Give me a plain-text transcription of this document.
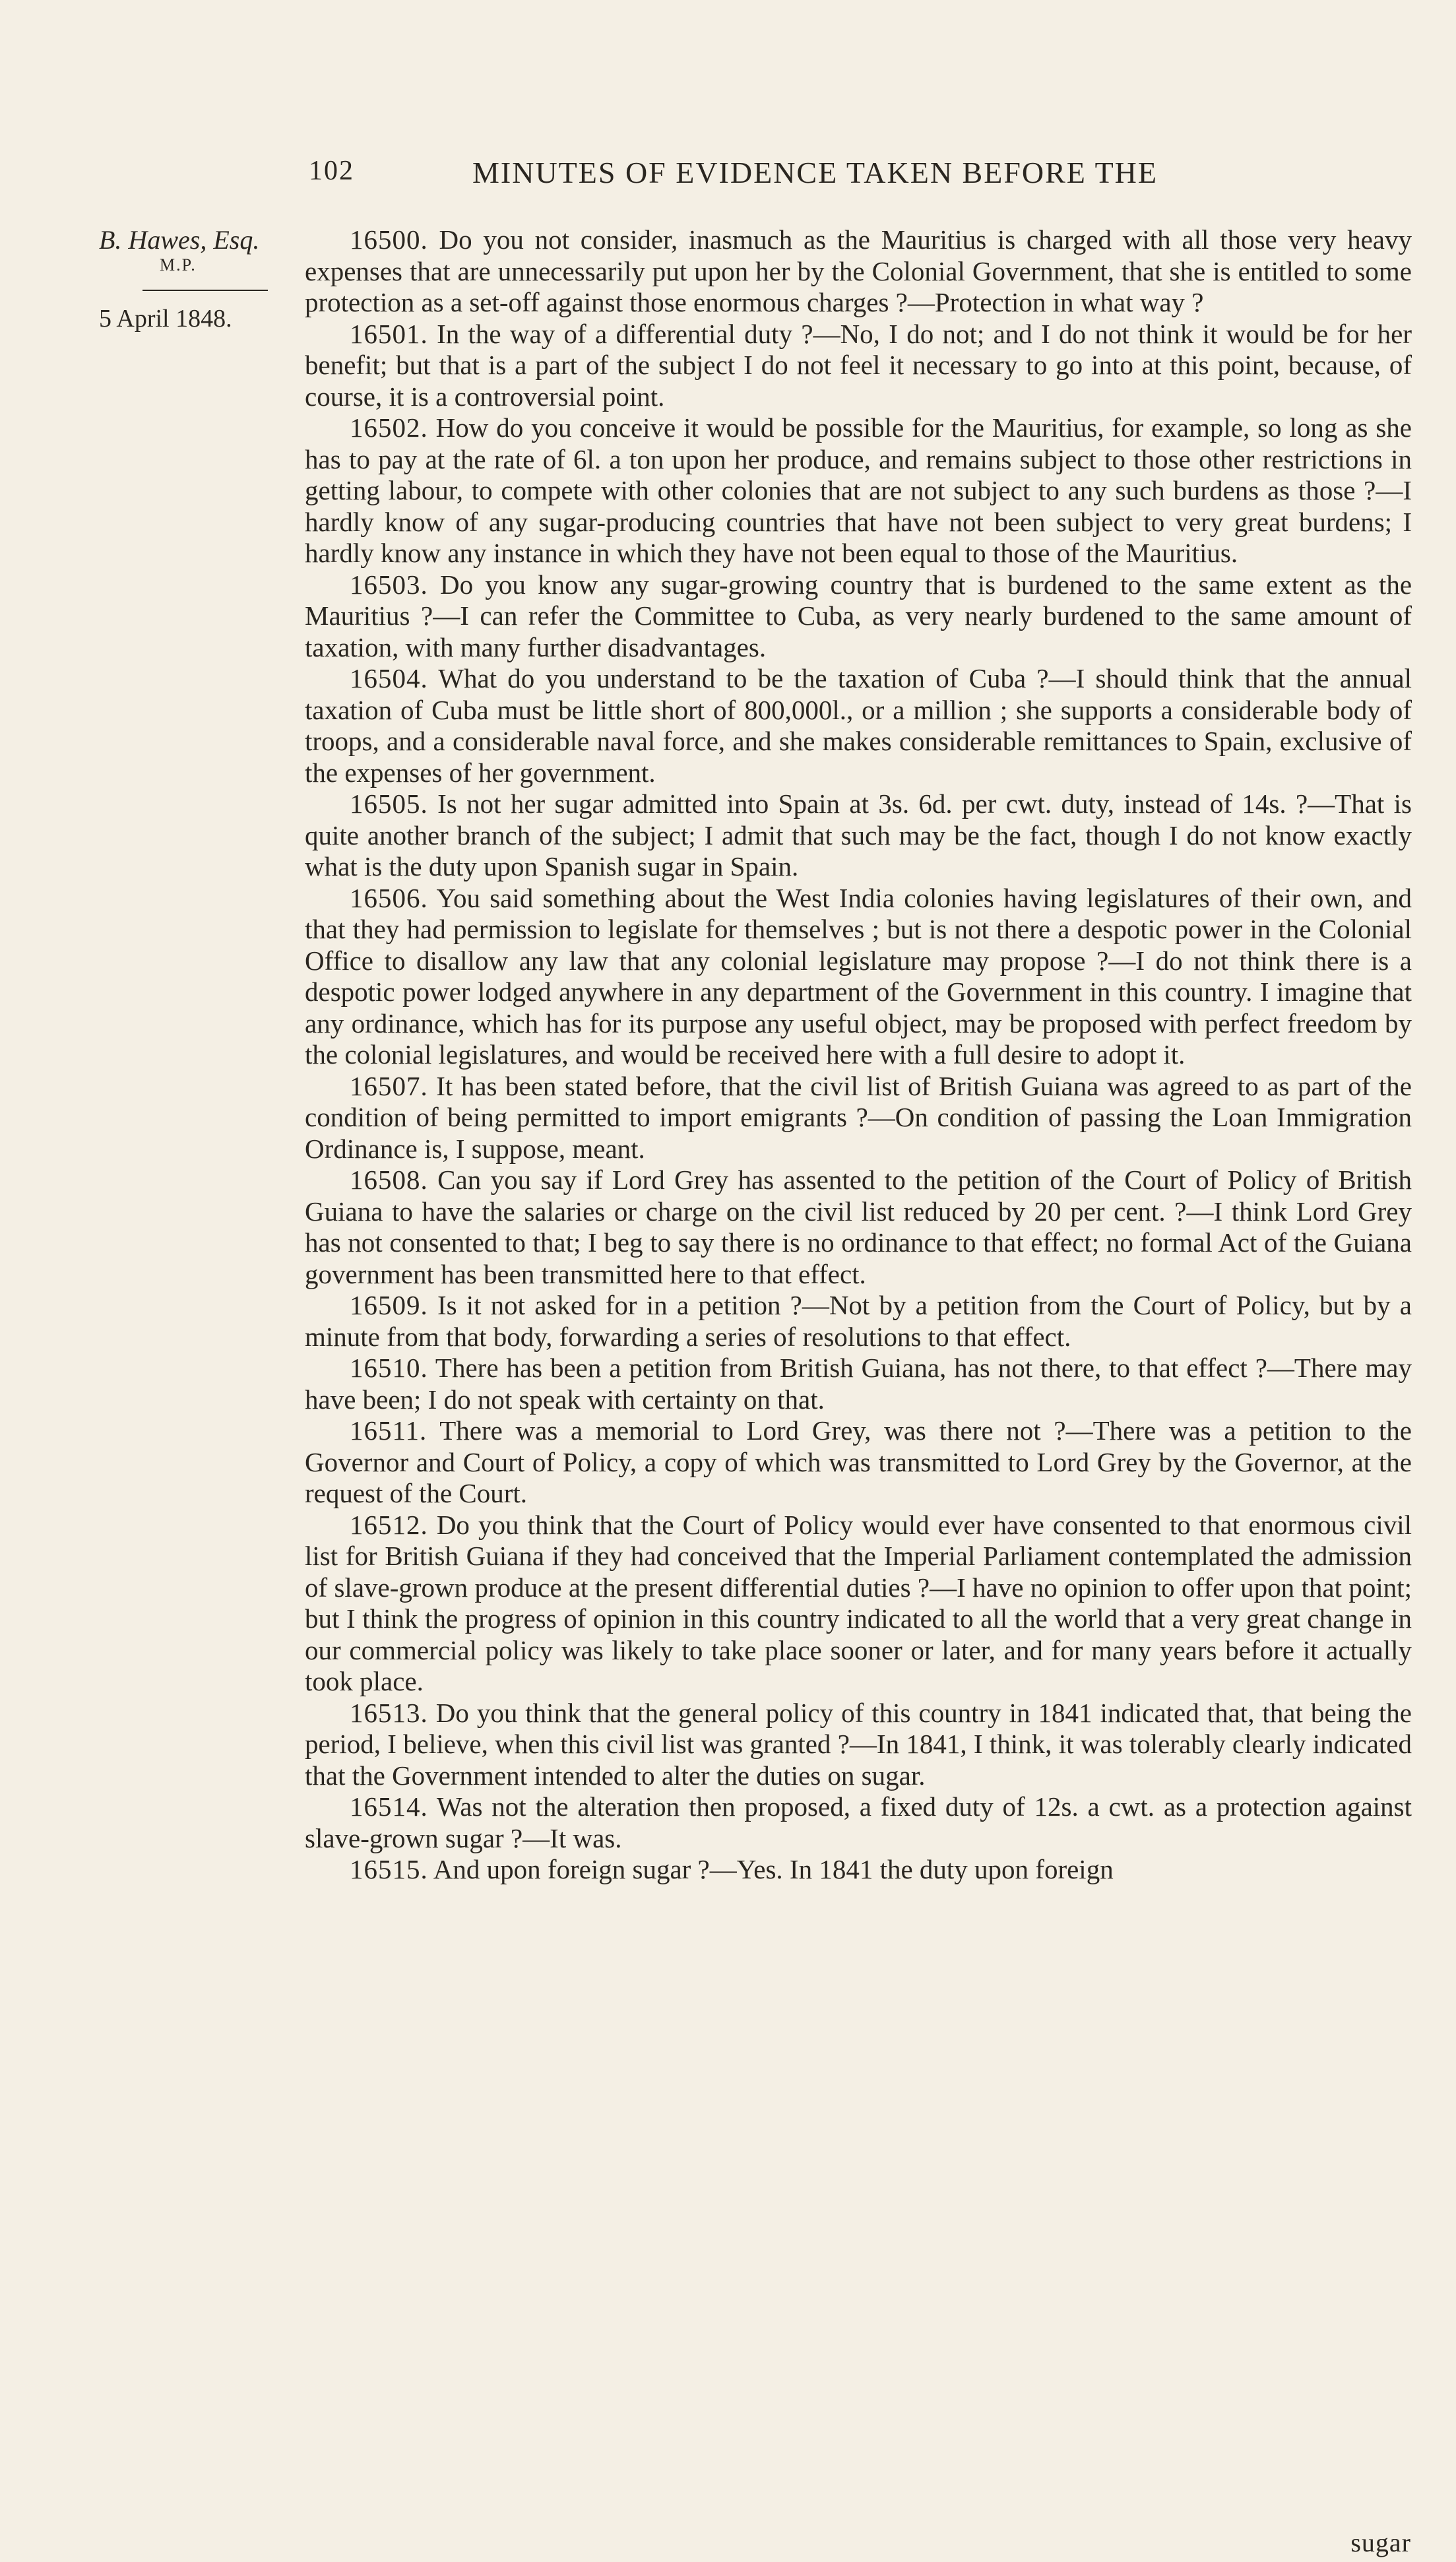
102	MINUTES OF EVIDENCE TAKEN BEFORE THE
B. Hawes, Esq.
M.P.
5 April 1848.

16500. Do you not consider, inasmuch as the Mauritius is charged with all those very heavy expenses that are unnecessarily put upon her by the Colonial Government, that she is entitled to some protection as a set-off against those enormous charges ?—Protection in what way ?

16501. In the way of a differential duty ?—No, I do not; and I do not think it would be for her benefit; but that is a part of the subject I do not feel it necessary to go into at this point, because, of course, it is a controversial point.

16502. How do you conceive it would be possible for the Mauritius, for example, so long as she has to pay at the rate of 6l. a ton upon her produce, and remains subject to those other restrictions in getting labour, to compete with other colonies that are not subject to any such burdens as those ?—I hardly know of any sugar-producing countries that have not been subject to very great burdens; I hardly know any instance in which they have not been equal to those of the Mauritius.

16503. Do you know any sugar-growing country that is burdened to the same extent as the Mauritius ?—I can refer the Committee to Cuba, as very nearly burdened to the same amount of taxation, with many further disadvantages.

16504. What do you understand to be the taxation of Cuba ?—I should think that the annual taxation of Cuba must be little short of 800,000l., or a million ; she supports a considerable body of troops, and a considerable naval force, and she makes considerable remittances to Spain, exclusive of the expenses of her government.

16505. Is not her sugar admitted into Spain at 3s. 6d. per cwt. duty, instead of 14s. ?—That is quite another branch of the subject; I admit that such may be the fact, though I do not know exactly what is the duty upon Spanish sugar in Spain.

16506. You said something about the West India colonies having legislatures of their own, and that they had permission to legislate for themselves ; but is not there a despotic power in the Colonial Office to disallow any law that any colonial legislature may propose ?—I do not think there is a despotic power lodged anywhere in any department of the Government in this country. I imagine that any ordinance, which has for its purpose any useful object, may be proposed with perfect freedom by the colonial legislatures, and would be received here with a full desire to adopt it.

16507. It has been stated before, that the civil list of British Guiana was agreed to as part of the condition of being permitted to import emigrants ?—On condition of passing the Loan Immigration Ordinance is, I suppose, meant.

16508. Can you say if Lord Grey has assented to the petition of the Court of Policy of British Guiana to have the salaries or charge on the civil list reduced by 20 per cent. ?—I think Lord Grey has not consented to that; I beg to say there is no ordinance to that effect; no formal Act of the Guiana government has been transmitted here to that effect.

16509. Is it not asked for in a petition ?—Not by a petition from the Court of Policy, but by a minute from that body, forwarding a series of resolutions to that effect.

16510. There has been a petition from British Guiana, has not there, to that effect ?—There may have been; I do not speak with certainty on that.

16511. There was a memorial to Lord Grey, was there not ?—There was a petition to the Governor and Court of Policy, a copy of which was transmitted to Lord Grey by the Governor, at the request of the Court.

16512. Do you think that the Court of Policy would ever have consented to that enormous civil list for British Guiana if they had conceived that the Imperial Parliament contemplated the admission of slave-grown produce at the present differential duties ?—I have no opinion to offer upon that point; but I think the progress of opinion in this country indicated to all the world that a very great change in our commercial policy was likely to take place sooner or later, and for many years before it actually took place.

16513. Do you think that the general policy of this country in 1841 indicated that, that being the period, I believe, when this civil list was granted ?—In 1841, I think, it was tolerably clearly indicated that the Government intended to alter the duties on sugar.

16514. Was not the alteration then proposed, a fixed duty of 12s. a cwt. as a protection against slave-grown sugar ?—It was.

16515. And upon foreign sugar ?—Yes. In 1841 the duty upon foreign

sugar
